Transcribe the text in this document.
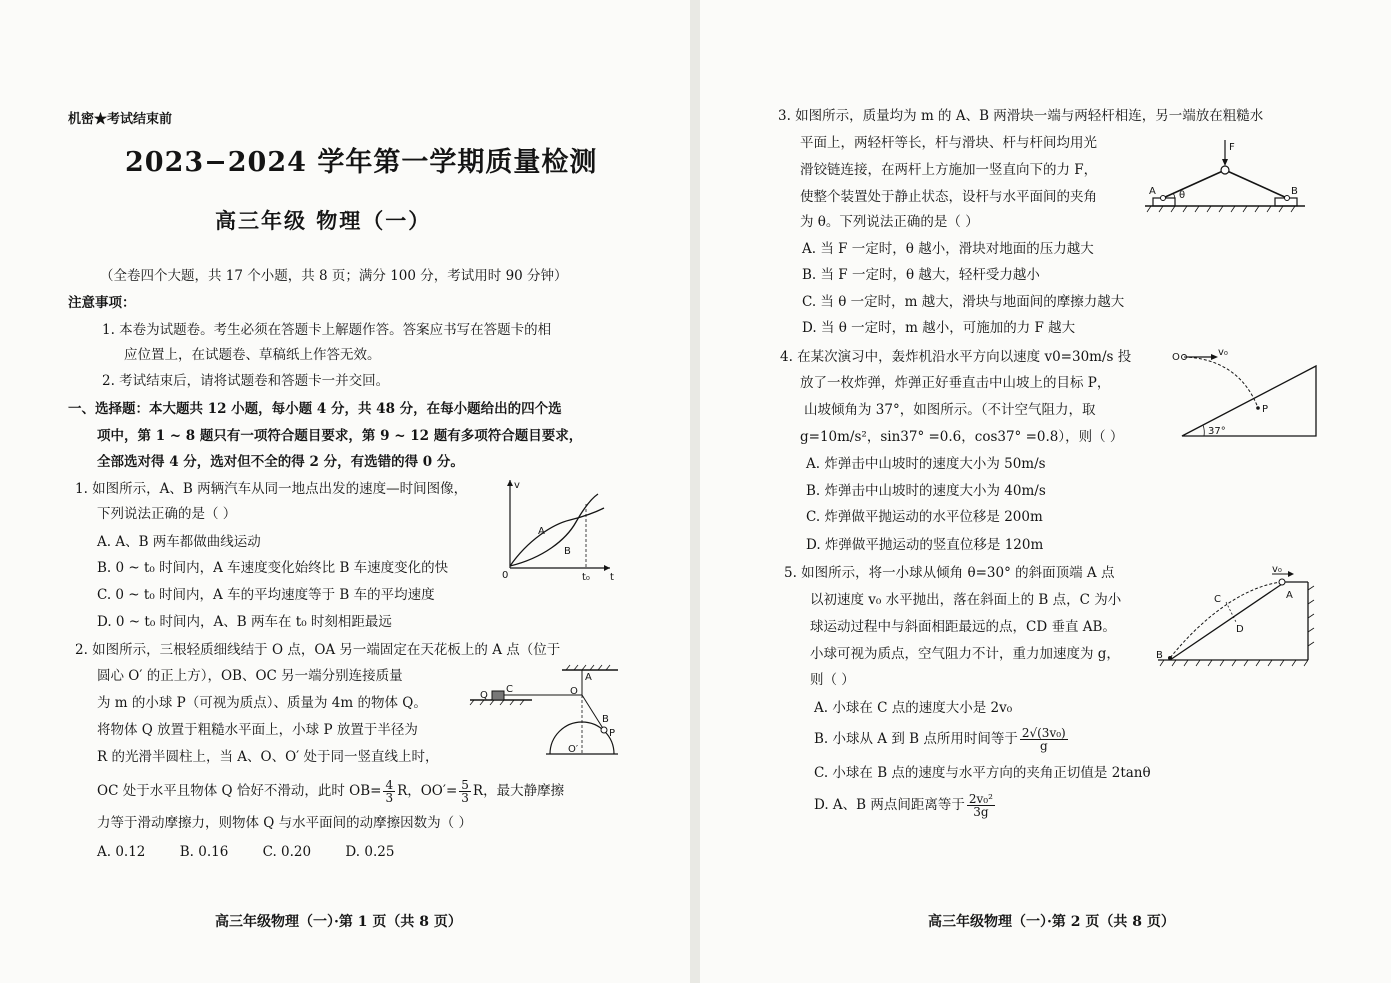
机密★考试结束前
2023−2024 学年第一学期质量检测
高三年级 物理（一）
（全卷四个大题，共 17 个小题，共 8 页；满分 100 分，考试用时 90 分钟）
注意事项：
1. 本卷为试题卷。考生必须在答题卡上解题作答。答案应书写在答题卡的相
应位置上，在试题卷、草稿纸上作答无效。
2. 考试结束后，请将试题卷和答题卡一并交回。
一、选择题：本大题共 12 小题，每小题 4 分，共 48 分，在每小题给出的四个选
项中，第 1 ~ 8 题只有一项符合题目要求，第 9 ~ 12 题有多项符合题目要求，
全部选对得 4 分，选对但不全的得 2 分，有选错的得 0 分。
1. 如图所示，A、B 两辆汽车从同一地点出发的速度—时间图像，
下列说法正确的是（ ）
A. A、B 两车都做曲线运动
B. 0 ~ t₀ 时间内，A 车速度变化始终比 B 车速度变化的快
C. 0 ~ t₀ 时间内，A 车的平均速度等于 B 车的平均速度
D. 0 ~ t₀ 时间内，A、B 两车在 t₀ 时刻相距最远
v
t
0	t₀
A
B
2. 如图所示，三根轻质细线结于 O 点，OA 另一端固定在天花板上的 A 点（位于
圆心 O′ 的正上方），OB、OC 另一端分别连接质量
为 m 的小球 P（可视为质点）、质量为 4m 的物体 Q。
将物体 Q 放置于粗糙水平面上，小球 P 放置于半径为
R 的光滑半圆柱上，当 A、O、O′ 处于同一竖直线上时，
OC 处于水平且物体 Q 恰好不滑动，此时 $OB= \frac{4}{3}$ R，$OO'= \frac{5}{3}$ R，最大静摩擦
力等于滑动摩擦力，则物体 Q 与水平面间的动摩擦因数为（ ）
A. 0.12        B. 0.16        C. 0.20        D. 0.25
Q
C	O
A
B
P
O′
高三年级物理（一）·第 1 页（共 8 页）
3. 如图所示，质量均为 m 的 A、B 两滑块一端与两轻杆相连，另一端放在粗糙水
平面上，两轻杆等长，杆与滑块、杆与杆间均用光
滑铰链连接，在两杆上方施加一竖直向下的力 F，
使整个装置处于静止状态，设杆与水平面间的夹角
为 θ。下列说法正确的是（ ）
A. 当 F 一定时，θ 越小，滑块对地面的压力越大
B. 当 F 一定时，θ 越大，轻杆受力越小
C. 当 θ 一定时，m 越大，滑块与地面间的摩擦力越大
D. 当 θ 一定时，m 越小，可施加的力 F 越大
F
A	B
θ
4. 在某次演习中，轰炸机沿水平方向以速度 v0=30m/s 投
放了一枚炸弹，炸弹正好垂直击中山坡上的目标 P，
山坡倾角为 37°，如图所示。（不计空气阻力，取
g=10m/s²，sin37° =0.6，cos37° =0.8），则（ ）
A. 炸弹击中山坡时的速度大小为 50m/s
B. 炸弹击中山坡时的速度大小为 40m/s
C. 炸弹做平抛运动的水平位移是 200m
D. 炸弹做平抛运动的竖直位移是 120m
O	v₀
P
37°
5. 如图所示，将一小球从倾角 θ=30° 的斜面顶端 A 点
以初速度 v₀ 水平抛出，落在斜面上的 B 点，C 为小
球运动过程中与斜面相距最远的点，CD 垂直 AB。
小球可视为质点，空气阻力不计，重力加速度为 g，
则（ ）
A. 小球在 C 点的速度大小是 2v₀
B. 小球从 A 到 B 点所用时间等于 $\frac{\text{2√(3v₀)}}{g}$
C. 小球在 B 点的速度与水平方向的夹角正切值是 2tanθ
D. A、B 两点间距离等于 $\frac{\text{2v₀²}}{3g}$
v₀
A
B
C
D
高三年级物理（一）·第 2 页（共 8 页）
